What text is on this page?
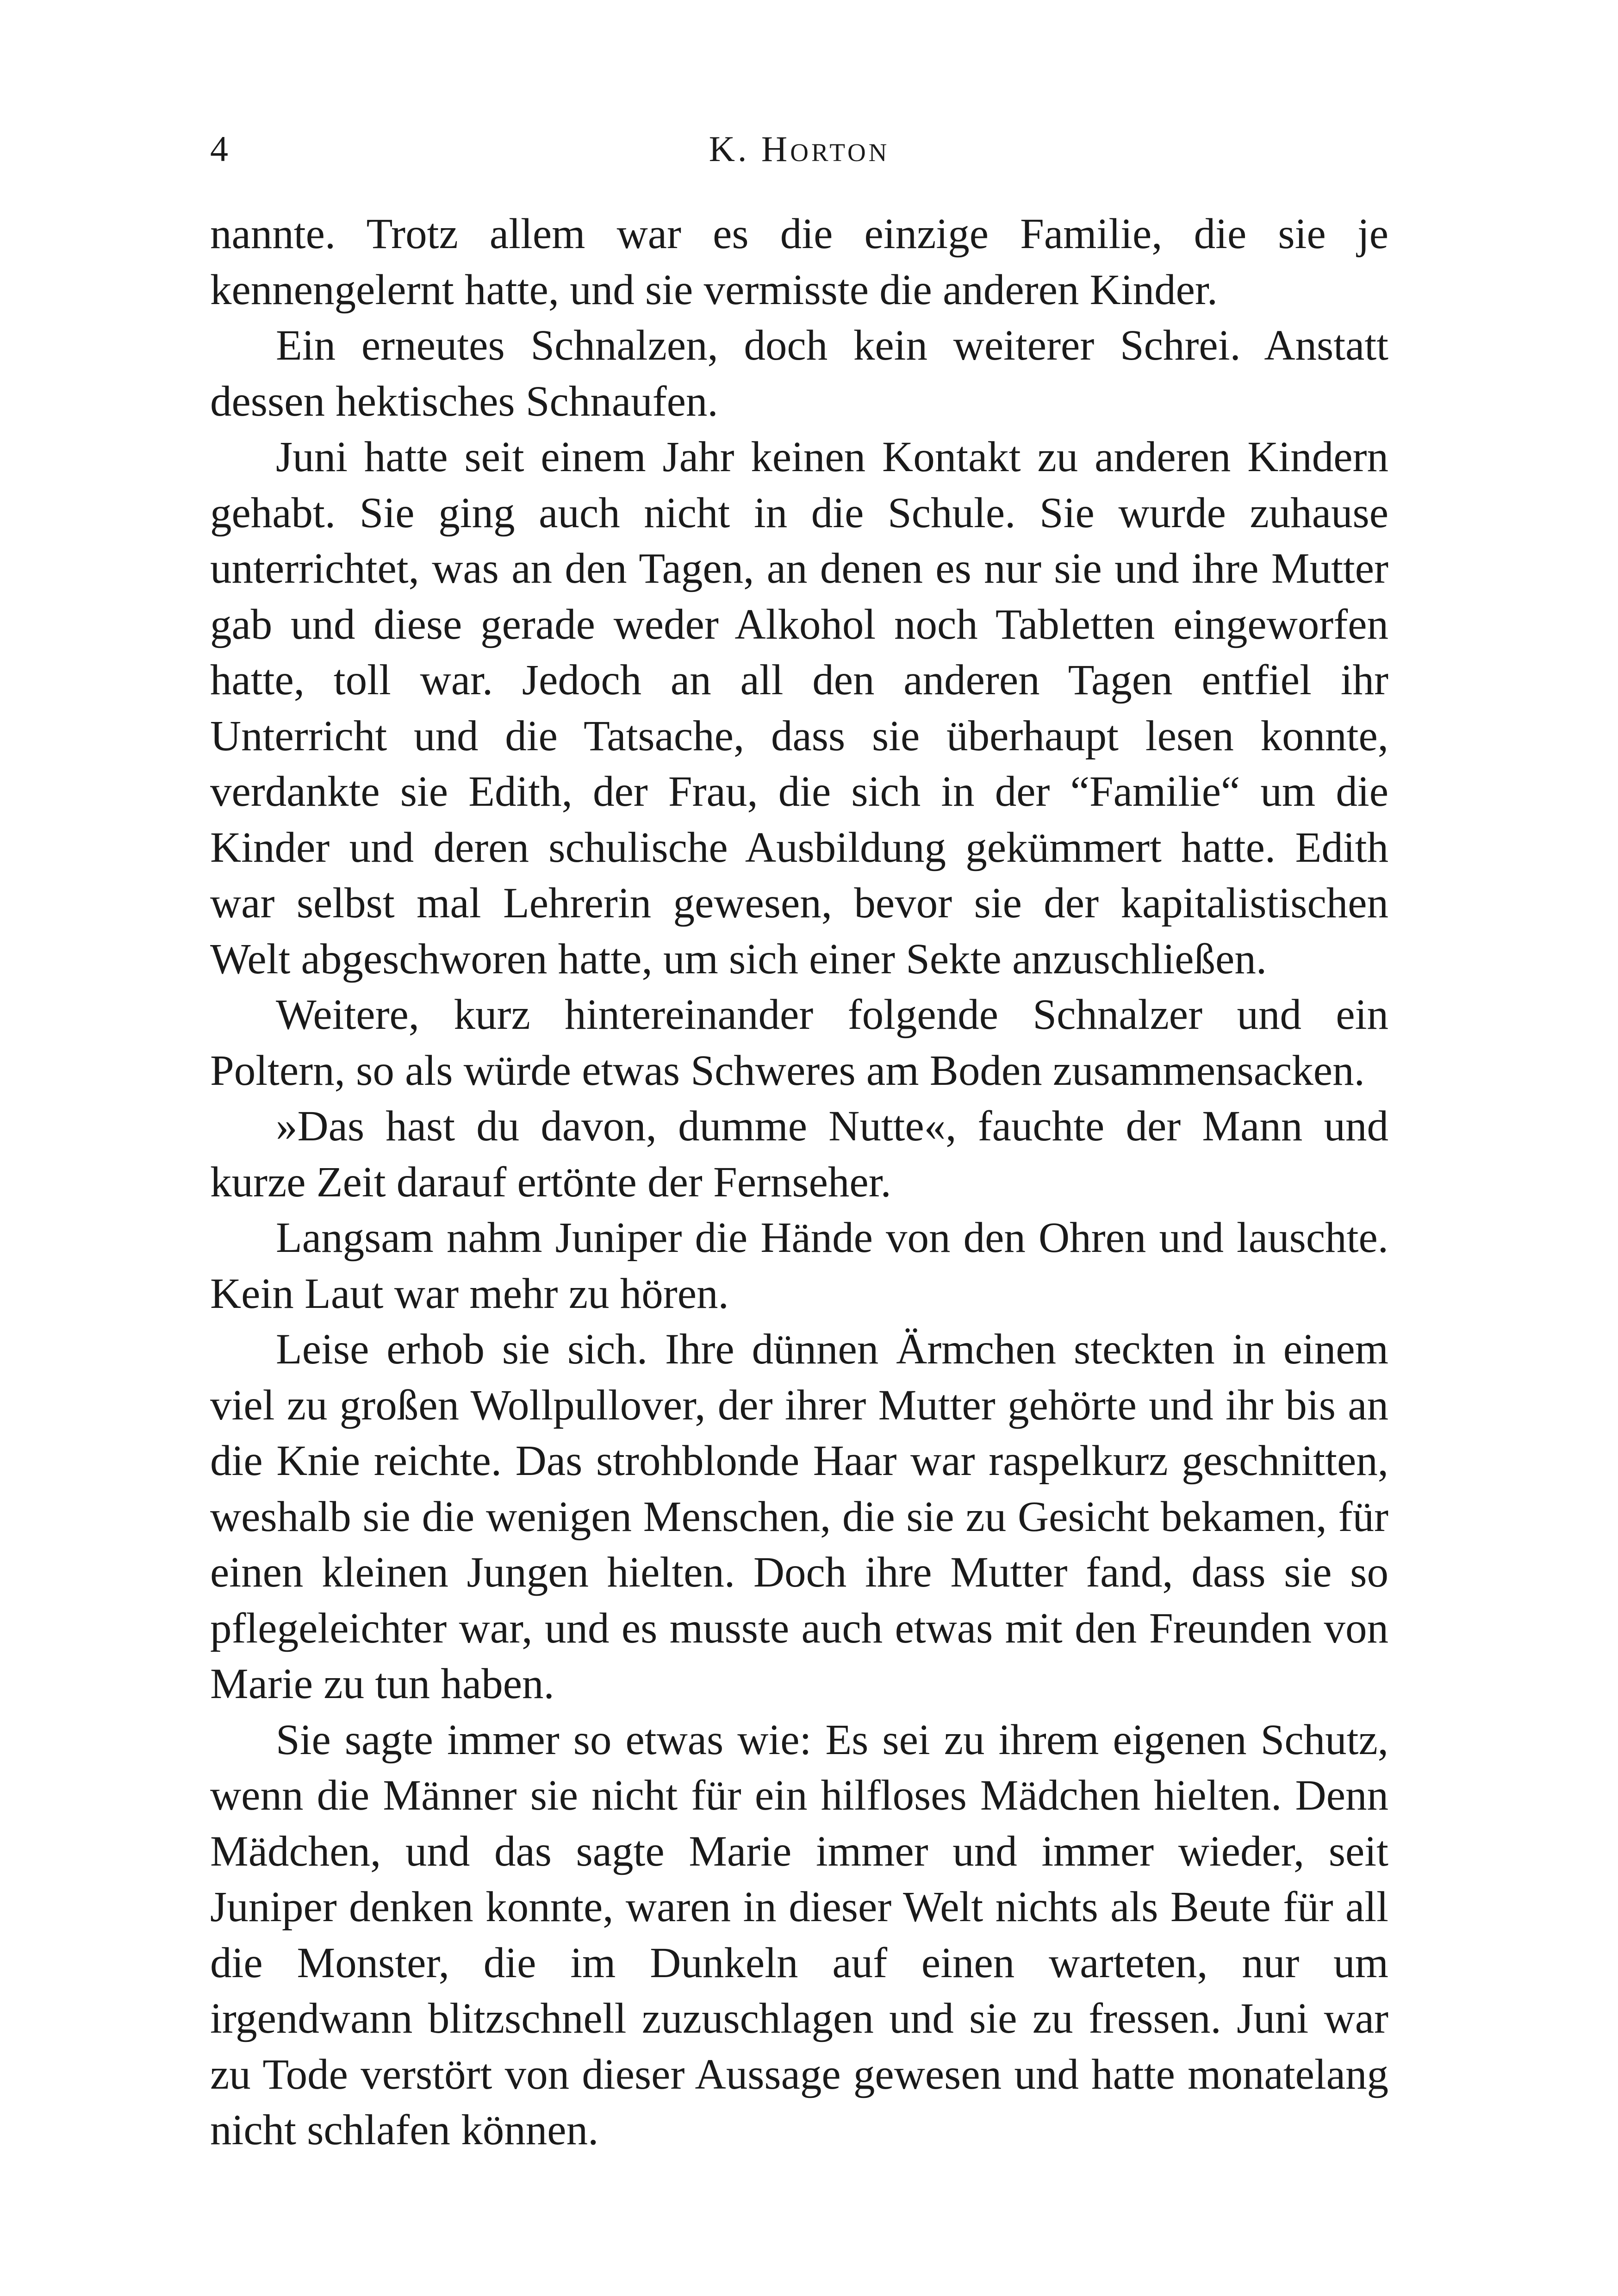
4	K. Horton

nannte. Trotz allem war es die einzige Familie, die sie je kennengelernt hatte, und sie vermisste die anderen Kinder.

Ein erneutes Schnalzen, doch kein weiterer Schrei. Anstatt dessen hektisches Schnaufen.

Juni hatte seit einem Jahr keinen Kontakt zu anderen Kindern gehabt. Sie ging auch nicht in die Schule. Sie wurde zuhause unterrichtet, was an den Tagen, an denen es nur sie und ihre Mutter gab und diese gerade weder Alkohol noch Tabletten eingeworfen hatte, toll war. Jedoch an all den anderen Tagen entfiel ihr Unterricht und die Tatsache, dass sie überhaupt lesen konnte, verdankte sie Edith, der Frau, die sich in der “Familie“ um die Kinder und deren schulische Ausbildung gekümmert hatte. Edith war selbst mal Lehrerin gewesen, bevor sie der kapitalistischen Welt abgeschworen hatte, um sich einer Sekte anzuschließen.

Weitere, kurz hintereinander folgende Schnalzer und ein Poltern, so als würde etwas Schweres am Boden zusammensacken.

»Das hast du davon, dumme Nutte«, fauchte der Mann und kurze Zeit darauf ertönte der Fernseher.

Langsam nahm Juniper die Hände von den Ohren und lauschte. Kein Laut war mehr zu hören.

Leise erhob sie sich. Ihre dünnen Ärmchen steckten in einem viel zu großen Wollpullover, der ihrer Mutter gehörte und ihr bis an die Knie reichte. Das strohblonde Haar war raspelkurz geschnitten, weshalb sie die wenigen Menschen, die sie zu Gesicht bekamen, für einen kleinen Jungen hielten. Doch ihre Mutter fand, dass sie so pflegeleichter war, und es musste auch etwas mit den Freunden von Marie zu tun haben.

Sie sagte immer so etwas wie: Es sei zu ihrem eigenen Schutz, wenn die Männer sie nicht für ein hilfloses Mädchen hielten. Denn Mädchen, und das sagte Marie immer und immer wieder, seit Juniper denken konnte, waren in dieser Welt nichts als Beute für all die Monster, die im Dunkeln auf einen warteten, nur um irgendwann blitzschnell zuzuschlagen und sie zu fressen. Juni war zu Tode verstört von dieser Aussage gewesen und hatte monatelang nicht schlafen können.
